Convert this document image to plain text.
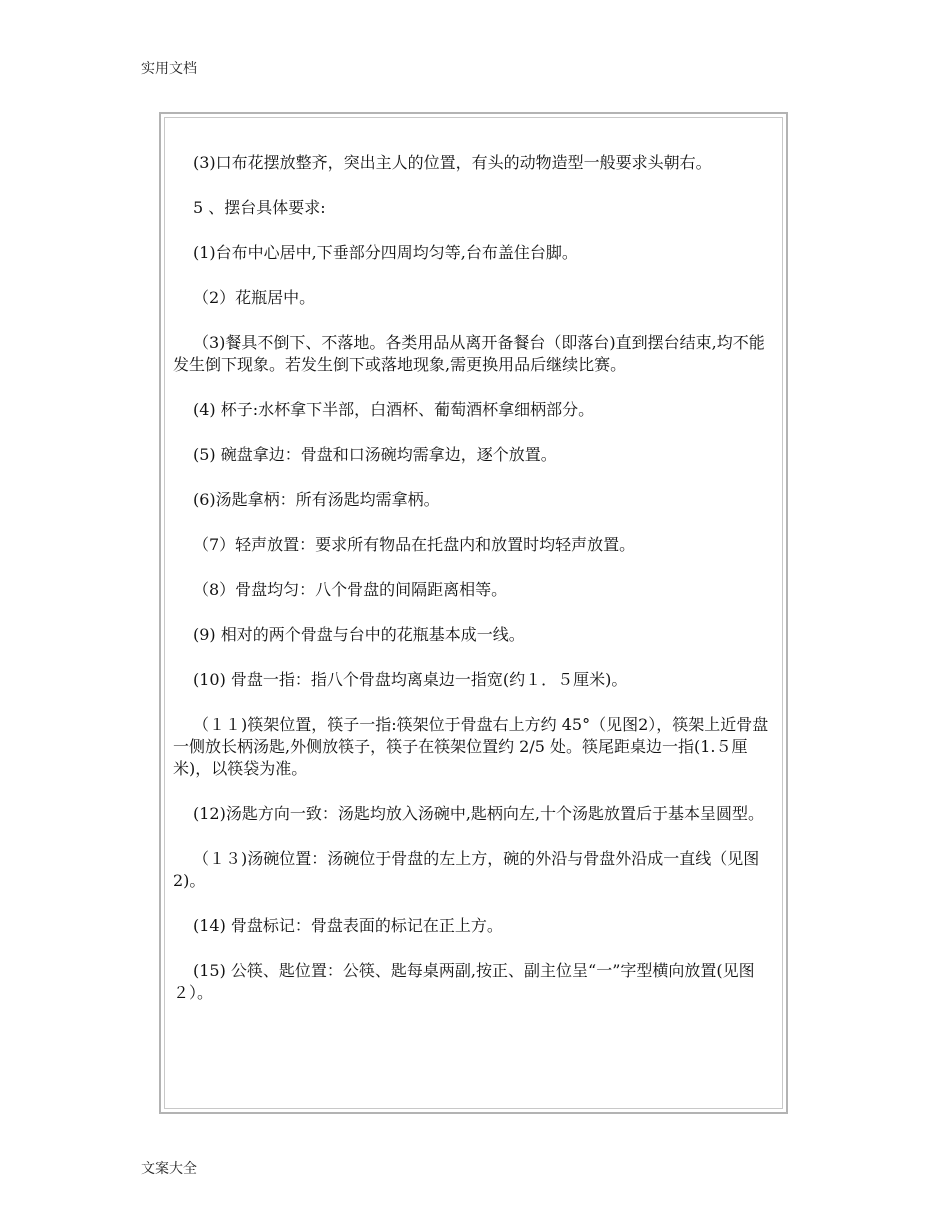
实用文档

(3)口布花摆放整齐，突出主人的位置，有头的动物造型一般要求头朝右。

5 、摆台具体要求:

(1)台布中心居中,下垂部分四周均匀等,台布盖住台脚。

（2）花瓶居中。

（3)餐具不倒下、不落地。各类用品从离开备餐台（即落台)直到摆台结束,均不能发生倒下现象。若发生倒下或落地现象,需更换用品后继续比赛。

(4) 杯子:水杯拿下半部，白酒杯、葡萄酒杯拿细柄部分。

(5) 碗盘拿边：骨盘和口汤碗均需拿边，逐个放置。

(6)汤匙拿柄：所有汤匙均需拿柄。

（7）轻声放置：要求所有物品在托盘内和放置时均轻声放置。

（8）骨盘均匀：八个骨盘的间隔距离相等。

(9) 相对的两个骨盘与台中的花瓶基本成一线。

(10) 骨盘一指：指八个骨盘均离桌边一指宽(约１．５厘米)。

（１１)筷架位置，筷子一指:筷架位于骨盘右上方约 45°（见图2），筷架上近骨盘一侧放长柄汤匙,外侧放筷子，筷子在筷架位置约 2/5 处。筷尾距桌边一指(1.５厘米)，以筷袋为准。

(12)汤匙方向一致：汤匙均放入汤碗中,匙柄向左,十个汤匙放置后于基本呈圆型。

（１３)汤碗位置：汤碗位于骨盘的左上方，碗的外沿与骨盘外沿成一直线（见图2)。

(14) 骨盘标记：骨盘表面的标记在正上方。

(15) 公筷、匙位置：公筷、匙每桌两副,按正、副主位呈“一”字型横向放置(见图２）。

文案大全
